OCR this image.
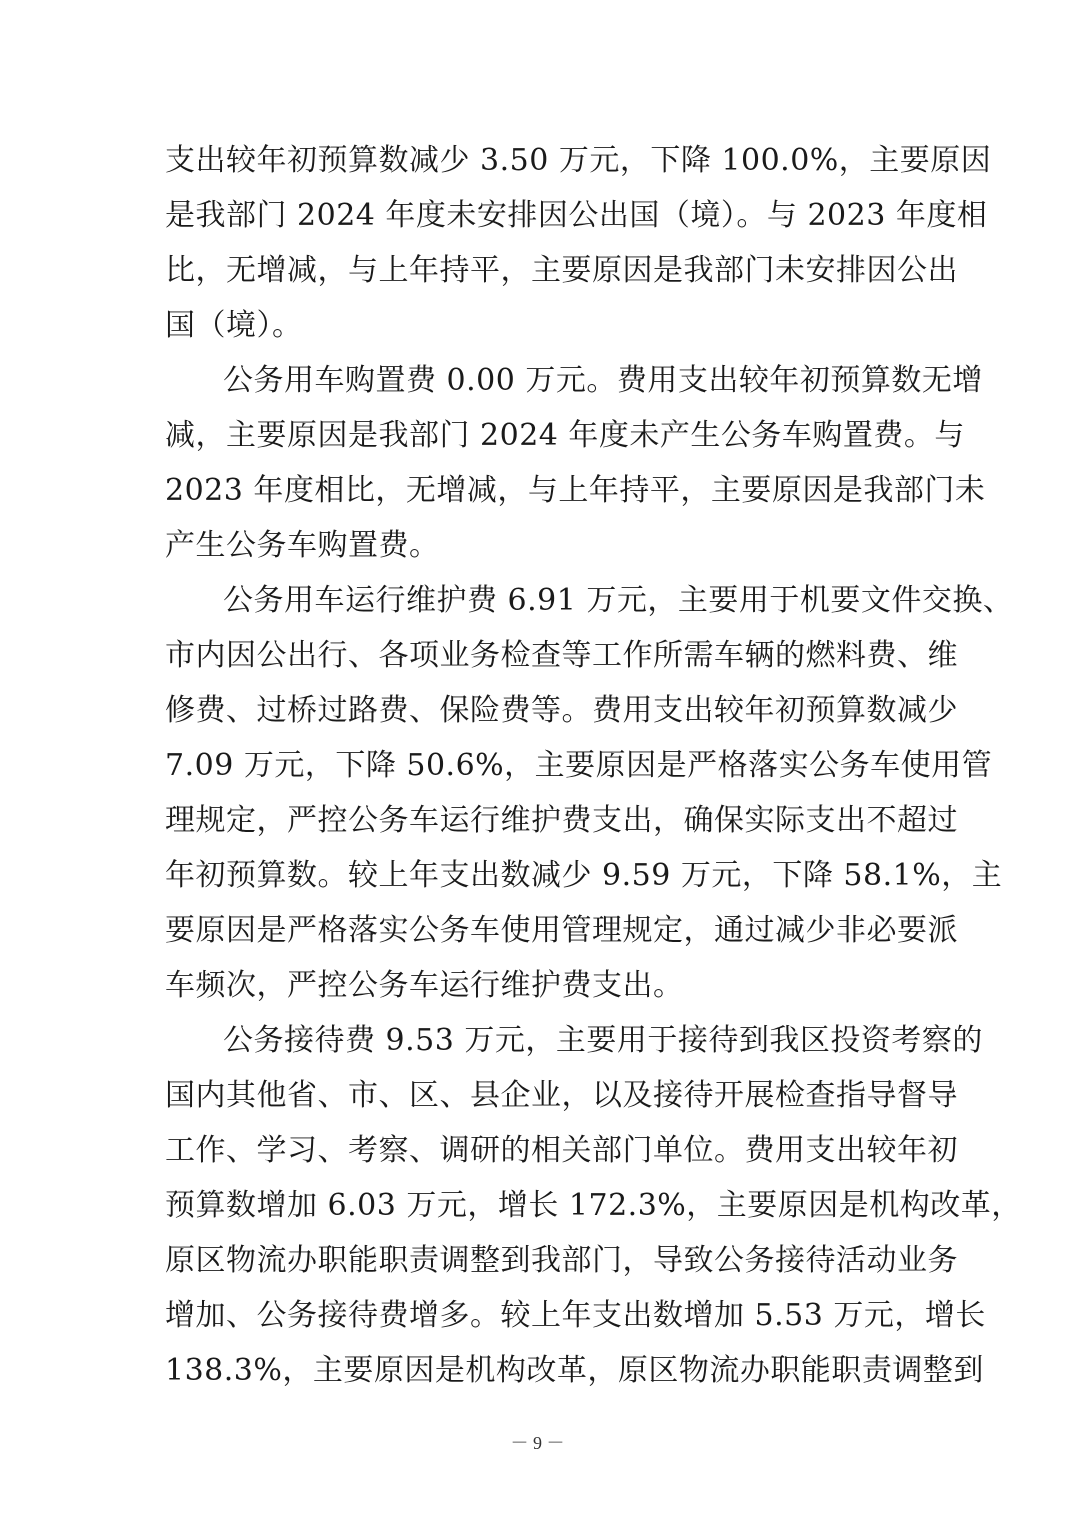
支出较年初预算数减少 3.50 万元，下降 100.0%，主要原因
是我部门 2024 年度未安排因公出国（境）。与 2023 年度相
比，无增减，与上年持平，主要原因是我部门未安排因公出
国（境）。
公务用车购置费 0.00 万元。费用支出较年初预算数无增
减，主要原因是我部门 2024 年度未产生公务车购置费。与
2023 年度相比，无增减，与上年持平，主要原因是我部门未
产生公务车购置费。
公务用车运行维护费 6.91 万元，主要用于机要文件交换、
市内因公出行、各项业务检查等工作所需车辆的燃料费、维
修费、过桥过路费、保险费等。费用支出较年初预算数减少
7.09 万元，下降 50.6%，主要原因是严格落实公务车使用管
理规定，严控公务车运行维护费支出，确保实际支出不超过
年初预算数。较上年支出数减少 9.59 万元，下降 58.1%，主
要原因是严格落实公务车使用管理规定，通过减少非必要派
车频次，严控公务车运行维护费支出。
公务接待费 9.53 万元，主要用于接待到我区投资考察的
国内其他省、市、区、县企业，以及接待开展检查指导督导
工作、学习、考察、调研的相关部门单位。费用支出较年初
预算数增加 6.03 万元，增长 172.3%，主要原因是机构改革，
原区物流办职能职责调整到我部门，导致公务接待活动业务
增加、公务接待费增多。较上年支出数增加 5.53 万元，增长
138.3%，主要原因是机构改革，原区物流办职能职责调整到
－ 9 －
